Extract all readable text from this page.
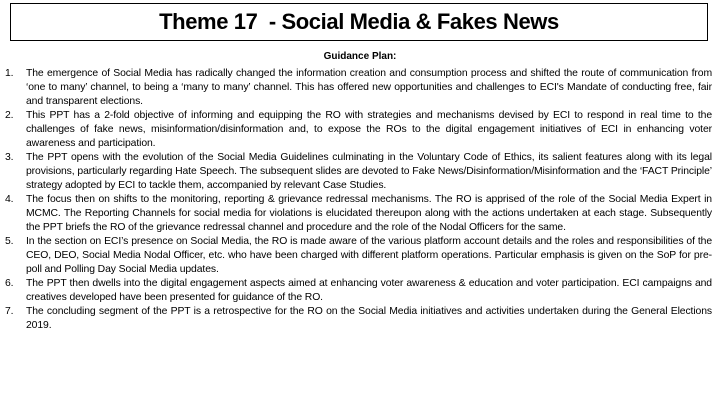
Theme 17  - Social Media & Fakes News
Guidance Plan:
1. The emergence of Social Media has radically changed the information creation and consumption process and shifted the route of communication from ‘one to many’ channel, to being a ‘many to many’ channel. This has offered new opportunities and challenges to ECI's Mandate of conducting free, fair and transparent elections.
2. This PPT has a 2-fold objective of informing and equipping the RO with strategies and mechanisms devised by ECI to respond in real time to the challenges of fake news, misinformation/disinformation and, to expose the ROs to the digital engagement initiatives of ECI in enhancing voter awareness and participation.
3. The PPT opens with the evolution of the Social Media Guidelines culminating in the Voluntary Code of Ethics, its salient features along with its legal provisions, particularly regarding Hate Speech. The subsequent slides are devoted to Fake News/Disinformation/Misinformation and the ‘FACT Principle’ strategy adopted by ECI to tackle them, accompanied by relevant Case Studies.
4. The focus then on shifts to the monitoring, reporting & grievance redressal mechanisms. The RO is apprised of the role of the Social Media Expert in MCMC. The Reporting Channels for social media for violations is elucidated thereupon along with the actions undertaken at each stage. Subsequently the PPT briefs the RO of the grievance redressal channel and procedure and the role of the Nodal Officers for the same.
5. In the section on ECI’s presence on Social Media, the RO is made aware of the various platform account details and the roles and responsibilities of the CEO, DEO, Social Media Nodal Officer, etc. who have been charged with different platform operations. Particular emphasis is given on the SoP for pre-poll and Polling Day Social Media updates.
6. The PPT then dwells into the digital engagement aspects aimed at enhancing voter awareness & education and voter participation. ECI campaigns and creatives developed have been presented for guidance of the RO.
7. The concluding segment of the PPT is a retrospective for the RO on the Social Media initiatives and activities undertaken during the General Elections 2019.
